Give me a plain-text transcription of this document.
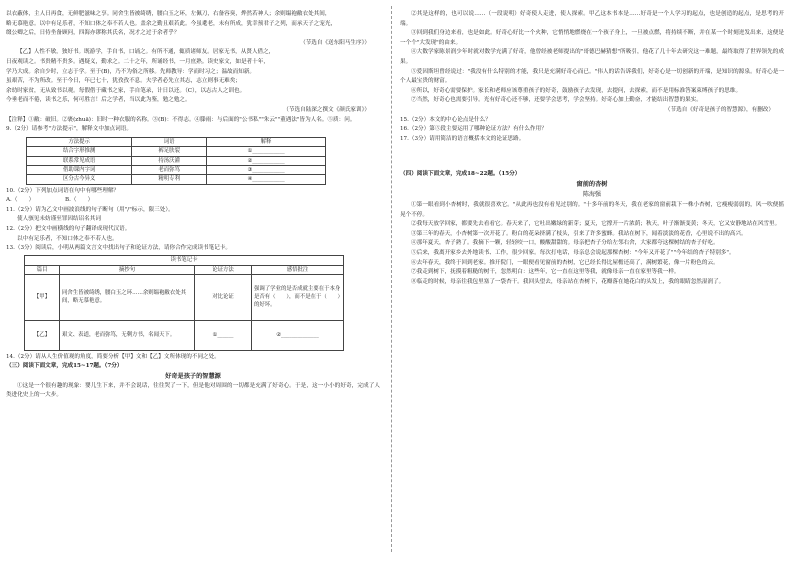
以衣蔽体，主人日再食，无鲜肥滋味之享。同舍生皆被绮绣，腰白玉之环，左佩刀，右备容臭，烨然若神人；余则缊袍敝衣处其间，

略无慕艳意。以中有足乐者，不知口体之奉不若人也。盖余之勤且艰若此。今虽耄老，未有所成，犹幸预君子之列，而承天子之宠光，

缀公卿之后，日侍坐备顾问，四海亦谬称其氏名，况才之过于余者乎？

（节选自《送东阳马生序》）

【乙】人性不敏，独好书。既游学，手自书，口诵之。有所不通，辄质诸师友。居家无书，从贤人借之，

日夜观读之。书贵精不贵多。遇疑义，勤求之。二十之年，所诵经书，一月庶熟。读史家文，如是者十年，

学乃大成。余自少时，立志于学。至于(B)，乃不为俗之所移。先师教导：学而时习之；温故而知新。

虽艰苦，不为所改。至于今日，年已七十，犹孜孜不息。夫学者必先立其志，志立则事无难矣；

余幼时家贫，无从致书以观。每假借于藏书之家，手自笔录，计日以还。（C），以志古人之训也。

今垂老而不倦，读书之乐，何可胜言！后之学者，当以此为鉴，勉之勉之。

（节选自陆深之撰文《颜氏家训》）

【注释】①敝：破旧。②裹(zhuā)：旧时一种衣服的名称。③(B)：不得志。④滕雨：与后面的"公书私""朱云""董遇法"皆为人名。⑤质：问。

9.（2分）请参考"方法提示"，解释文中加点词语。

方法提示	词语	解释
结合字形推测	裤足肤裂	①____________
联系常见成语	持汤沃灌	②____________
借助课内字词	老而弥笃	③____________
区分古今异义	精明专利	④____________

10.（2分）下列加点词语在句中有哪些理解？

A.（　　）　　　　　　B.（　　）

11.（2分）请为乙文中画波浪线的句子断句（用"/"标示，限三处）。

使人骇见未妨谨至罪因结诏名其词

12.（2分）把文中画横线的句子翻译成现代汉语。

以中有足乐者，不知口体之奉不若人也。

13.（3分）阅读后，小明从两篇文言文中找出句子和论证方法，请你合作完成读书笔记卡。

读书笔记卡			
篇目	摘抄句	论证方法	感悟批注
【甲】	同舍生皆被绮绣，腰白玉之环……余则缊袍敝衣处其间，略无慕艳意。	对比论证	强调了学业的是否成就主要在于本身是否有（　　），而不是在于（　　）的好坏。
【乙】	艰文、表道，老而弥笃，无剩方书，名闻天下。	①______	②______________

14.（2分）请从人生价值观的角度，简要分析【甲】文和【乙】文所体现的不同之处。

（三）阅读下面文章，完成15~17题。（7分）

好奇是孩子的智慧源

①这是一个很有趣的现象：婴儿生下来，并不会说话，往往哭了一下，但是他对周围的一切都是充满了好奇心。于是，这一小小的好奇，完成了人类进化史上的一大步。

②其是这样的，也可以说……（一段说明）好奇使人走进，使人探索。甲乙这本书本是……好奇是一个人学习的起点，也是创造的起点，是思考的开端。

③回到我们身边来看，也是如此。好奇心好比一个火种，它悄悄地燃烧在一个孩子身上，一旦被点燃，将持续不断，并在某一个时刻迸发出来，这便是一个个"大发现"的由来。

④大数学家陈景润少年时就对数学充满了好奇，他曾经被老师提出的"哥德巴赫猜想"所吸引，他花了几十年去研究这一难题，最终取得了世界领先的成果。

⑤爱因斯坦曾经说过："我没有什么特别的才能，我只是充满好奇心而已。"伟人的话告诉我们，好奇心是一切创新的开端，是知识的源泉。好奇心是一个人最宝贵的财富。

⑥所以，好奇心需要保护。家长和老师应该尊重孩子的好奇，鼓励孩子去发现，去提问，去探索，而不是用标准答案束缚孩子的思维。

⑦当然，好奇心也需要引导。光有好奇心还不够，还要学会思考，学会坚持。好奇心加上勤奋，才能结出智慧的果实。

（节选自《好奇是孩子的智慧源》，有删改）

15.（2分）本文的中心论点是什么？

16.（2分）第⑤段主要运用了哪种论证方法？有什么作用？

17.（3分）请用简洁的语言概括本文的论证思路。

（四）阅读下面文章，完成18~22题。（15分）

窗前的杏树

陈海强

①第一眼看到小杏树时，我就很喜欢它。"从此再也没有看见过别的。"十多年前的冬天，我在老家的窗前栽下一株小杏树，它瘦瘦弱弱的，风一吹便摇晃个不停。

②我每天放学回家，都要先去看看它。春天来了，它吐出嫩绿的新芽；夏天，它撑开一片浓荫；秋天，叶子渐渐变黄；冬天，它又安静地站在风雪里。

③第三年的春天，小杏树第一次开花了。粉白的花朵挤满了枝头，引来了许多蜜蜂。我站在树下，闻着淡淡的花香，心里说不出的高兴。

④那年夏天，杏子熟了。我摘下一颗，轻轻咬一口，酸酸甜甜的。母亲把杏子分给左邻右舍，大家都夸这棵树结的杏子好吃。

⑤后来，我离开家乡去外地读书、工作，很少回家。每次打电话，母亲总会说起那棵杏树："今年又开花了""今年结的杏子特别多"。

⑥去年春天，我终于回到老家。推开院门，一眼便看见窗前的杏树，它已经长得比屋檐还高了，满树繁花，像一片粉色的云。

⑦我走到树下，抚摸着粗糙的树干，忽然明白：这些年，它一直在这里等我，就像母亲一直在家里等我一样。

⑧临走的时候，母亲往我包里塞了一袋杏干。我回头望去，母亲站在杏树下，花瓣落在她花白的头发上，我的眼睛忽然湿润了。
